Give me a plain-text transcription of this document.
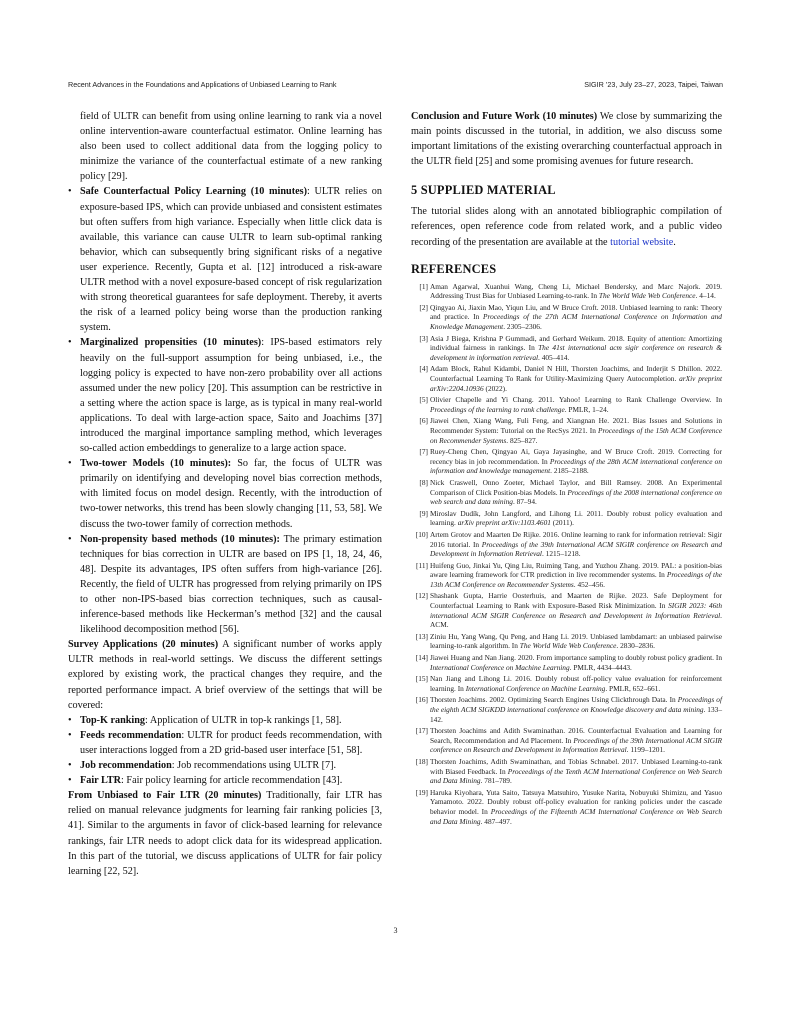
Recent Advances in the Foundations and Applications of Unbiased Learning to Rank	SIGIR ’23, July 23–27, 2023, Taipei, Taiwan

field of ULTR can benefit from using online learning to rank via a novel online intervention-aware counterfactual estimator. Online learning has also been used to collect additional data from the logging policy to minimize the variance of the counterfactual estimate of a new ranking policy [29].

• Safe Counterfactual Policy Learning (10 minutes): ULTR relies on exposure-based IPS, which can provide unbiased and consistent estimates but often suffers from high variance. Especially when little click data is available, this variance can cause ULTR to learn sub-optimal ranking behavior, which can subsequently bring significant risks of a negative user experience. Recently, Gupta et al. [12] introduced a risk-aware ULTR method with a novel exposure-based concept of risk regularization with strong theoretical guarantees for safe deployment. Thereby, it averts the risk of a learned policy being worse than the production ranking system.
• Marginalized propensities (10 minutes): IPS-based estimators rely heavily on the full-support assumption for being unbiased, i.e., the logging policy is expected to have non-zero probability over all actions assumed under the new policy [20]. This assumption can be restrictive in a setting where the action space is large, as is typical in many real-world applications. To deal with large-action space, Saito and Joachims [37] introduced the marginal importance sampling method, which leverages so-called action embeddings to generalize to a large action space.
• Two-tower Models (10 minutes): So far, the focus of ULTR was primarily on identifying and developing novel bias correction methods, with limited focus on model design. Recently, with the introduction of two-tower networks, this trend has been slowly changing [11, 53, 58]. We discuss the two-tower family of correction methods.
• Non-propensity based methods (10 minutes): The primary estimation techniques for bias correction in ULTR are based on IPS [1, 18, 24, 46, 48]. Despite its advantages, IPS often suffers from high-variance [26]. Recently, the field of ULTR has progressed from relying primarily on IPS to other non-IPS-based bias correction techniques, such as causal-inference-based methods like Heckerman’s method [32] and the causal likelihood decomposition method [56].

Survey Applications (20 minutes) A significant number of works apply ULTR methods in real-world settings. We discuss the different settings explored by existing work, the practical changes they require, and the reported performance impact. A brief overview of the settings that will be covered:

• Top-K ranking: Application of ULTR in top-k rankings [1, 58].
• Feeds recommendation: ULTR for product feeds recommendation, with user interactions logged from a 2D grid-based user interface [51, 58].
• Job recommendation: Job recommendations using ULTR [7].
• Fair LTR: Fair policy learning for article recommendation [43].

From Unbiased to Fair LTR (20 minutes) Traditionally, fair LTR has relied on manual relevance judgments for learning fair ranking policies [3, 41]. Similar to the arguments in favor of click-based learning for relevance rankings, fair LTR needs to adopt click data for its widespread application. In this part of the tutorial, we discuss applications of ULTR for fair policy learning [22, 52].

Conclusion and Future Work (10 minutes) We close by summarizing the main points discussed in the tutorial, in addition, we also discuss some important limitations of the existing overarching counterfactual approach in the ULTR field [25] and some promising avenues for future research.

5 SUPPLIED MATERIAL

The tutorial slides along with an annotated bibliographic compilation of references, open reference code from related work, and a public video recording of the presentation are available at the tutorial website.

REFERENCES
[1] Aman Agarwal, Xuanhui Wang, Cheng Li, Michael Bendersky, and Marc Najork. 2019. Addressing Trust Bias for Unbiased Learning-to-rank. In The World Wide Web Conference. 4–14.
[2] Qingyao Ai, Jiaxin Mao, Yiqun Liu, and W Bruce Croft. 2018. Unbiased learning to rank: Theory and practice. In Proceedings of the 27th ACM International Conference on Information and Knowledge Management. 2305–2306.
[3] Asia J Biega, Krishna P Gummadi, and Gerhard Weikum. 2018. Equity of attention: Amortizing individual fairness in rankings. In The 41st international acm sigir conference on research & development in information retrieval. 405–414.
[4] Adam Block, Rahul Kidambi, Daniel N Hill, Thorsten Joachims, and Inderjit S Dhillon. 2022. Counterfactual Learning To Rank for Utility-Maximizing Query Autocompletion. arXiv preprint arXiv:2204.10936 (2022).
[5] Olivier Chapelle and Yi Chang. 2011. Yahoo! Learning to Rank Challenge Overview. In Proceedings of the learning to rank challenge. PMLR, 1–24.
[6] Jiawei Chen, Xiang Wang, Fuli Feng, and Xiangnan He. 2021. Bias Issues and Solutions in Recommender System: Tutorial on the RecSys 2021. In Proceedings of the 15th ACM Conference on Recommender Systems. 825–827.
[7] Ruey-Cheng Chen, Qingyao Ai, Gaya Jayasinghe, and W Bruce Croft. 2019. Correcting for recency bias in job recommendation. In Proceedings of the 28th ACM international conference on information and knowledge management. 2185–2188.
[8] Nick Craswell, Onno Zoeter, Michael Taylor, and Bill Ramsey. 2008. An Experimental Comparison of Click Position-bias Models. In Proceedings of the 2008 international conference on web search and data mining. 87–94.
[9] Miroslav Dudík, John Langford, and Lihong Li. 2011. Doubly robust policy evaluation and learning. arXiv preprint arXiv:1103.4601 (2011).
[10] Artem Grotov and Maarten De Rijke. 2016. Online learning to rank for information retrieval: Sigir 2016 tutorial. In Proceedings of the 39th International ACM SIGIR conference on Research and Development in Information Retrieval. 1215–1218.
[11] Huifeng Guo, Jinkai Yu, Qing Liu, Ruiming Tang, and Yuzhou Zhang. 2019. PAL: a position-bias aware learning framework for CTR prediction in live recommender systems. In Proceedings of the 13th ACM Conference on Recommender Systems. 452–456.
[12] Shashank Gupta, Harrie Oosterhuis, and Maarten de Rijke. 2023. Safe Deployment for Counterfactual Learning to Rank with Exposure-Based Risk Minimization. In SIGIR 2023: 46th international ACM SIGIR Conference on Research and Development in Information Retrieval. ACM.
[13] Ziniu Hu, Yang Wang, Qu Peng, and Hang Li. 2019. Unbiased lambdamart: an unbiased pairwise learning-to-rank algorithm. In The World Wide Web Conference. 2830–2836.
[14] Jiawei Huang and Nan Jiang. 2020. From importance sampling to doubly robust policy gradient. In International Conference on Machine Learning. PMLR, 4434–4443.
[15] Nan Jiang and Lihong Li. 2016. Doubly robust off-policy value evaluation for reinforcement learning. In International Conference on Machine Learning. PMLR, 652–661.
[16] Thorsten Joachims. 2002. Optimizing Search Engines Using Clickthrough Data. In Proceedings of the eighth ACM SIGKDD international conference on Knowledge discovery and data mining. 133–142.
[17] Thorsten Joachims and Adith Swaminathan. 2016. Counterfactual Evaluation and Learning for Search, Recommendation and Ad Placement. In Proceedings of the 39th International ACM SIGIR conference on Research and Development in Information Retrieval. 1199–1201.
[18] Thorsten Joachims, Adith Swaminathan, and Tobias Schnabel. 2017. Unbiased Learning-to-rank with Biased Feedback. In Proceedings of the Tenth ACM International Conference on Web Search and Data Mining. 781–789.
[19] Haruka Kiyohara, Yuta Saito, Tatsuya Matsuhiro, Yusuke Narita, Nobuyuki Shimizu, and Yasuo Yamamoto. 2022. Doubly robust off-policy evaluation for ranking policies under the cascade behavior model. In Proceedings of the Fifteenth ACM International Conference on Web Search and Data Mining. 487–497.
3
